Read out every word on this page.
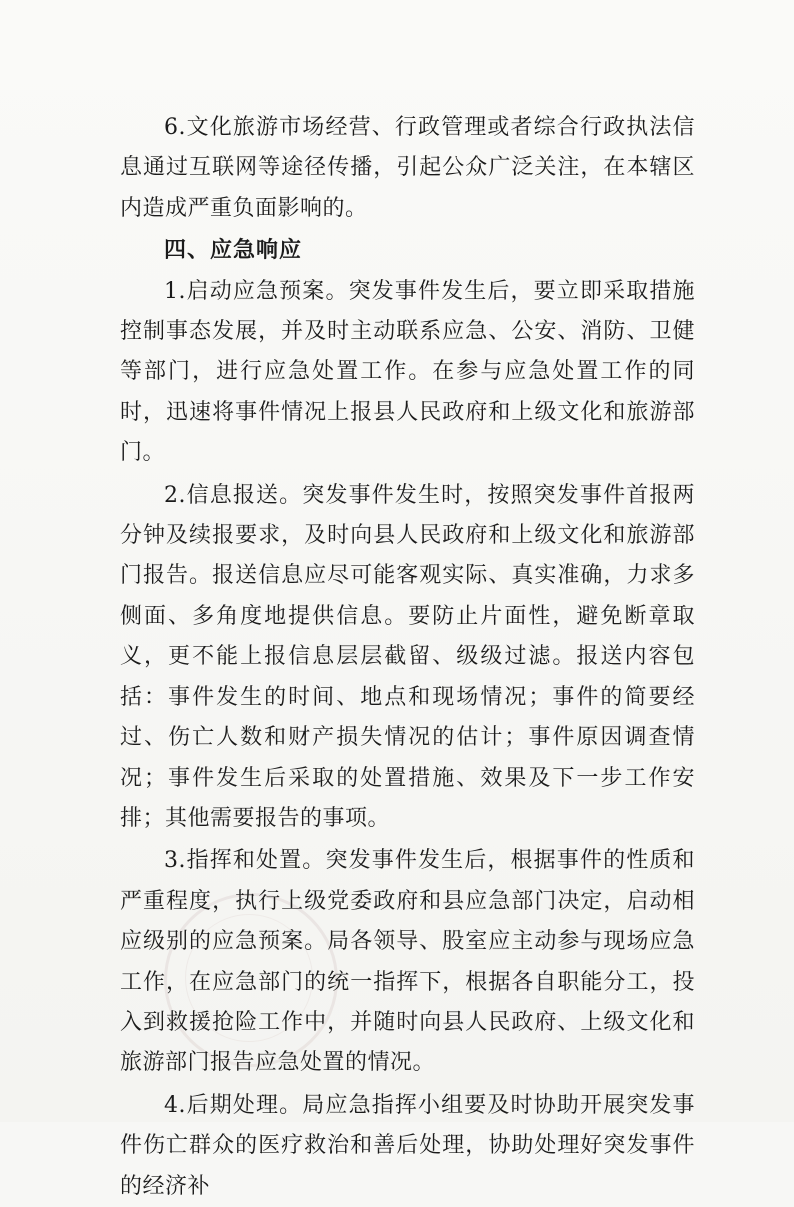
6.文化旅游市场经营、行政管理或者综合行政执法信息通过互联网等途径传播，引起公众广泛关注，在本辖区内造成严重负面影响的。

四、应急响应

1.启动应急预案。突发事件发生后，要立即采取措施控制事态发展，并及时主动联系应急、公安、消防、卫健等部门，进行应急处置工作。在参与应急处置工作的同时，迅速将事件情况上报县人民政府和上级文化和旅游部门。

2.信息报送。突发事件发生时，按照突发事件首报两分钟及续报要求，及时向县人民政府和上级文化和旅游部门报告。报送信息应尽可能客观实际、真实准确，力求多侧面、多角度地提供信息。要防止片面性，避免断章取义，更不能上报信息层层截留、级级过滤。报送内容包括：事件发生的时间、地点和现场情况；事件的简要经过、伤亡人数和财产损失情况的估计；事件原因调查情况；事件发生后采取的处置措施、效果及下一步工作安排；其他需要报告的事项。

3.指挥和处置。突发事件发生后，根据事件的性质和严重程度，执行上级党委政府和县应急部门决定，启动相应级别的应急预案。局各领导、股室应主动参与现场应急工作，在应急部门的统一指挥下，根据各自职能分工，投入到救援抢险工作中，并随时向县人民政府、上级文化和旅游部门报告应急处置的情况。

4.后期处理。局应急指挥小组要及时协助开展突发事件伤亡群众的医疗救治和善后处理，协助处理好突发事件的经济补
